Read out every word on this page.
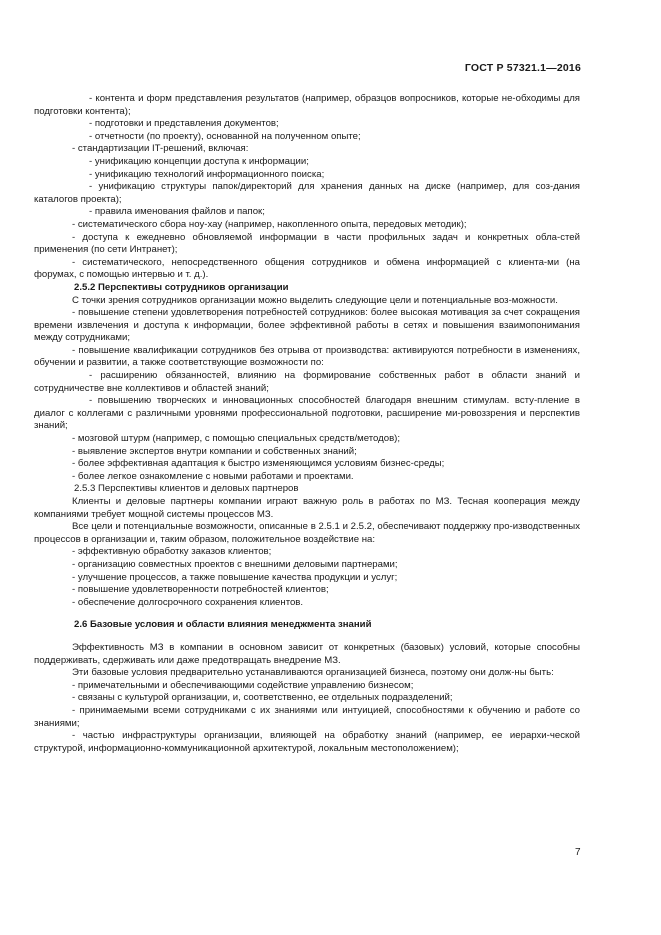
ГОСТ Р 57321.1—2016

- контента и форм представления результатов (например, образцов вопросников, которые не-обходимы для подготовки контента);

- подготовки и представления документов;

- отчетности (по проекту), основанной на полученном опыте;

- стандартизации IT-решений, включая:

- унификацию концепции доступа к информации;

- унификацию технологий информационного поиска;

- унификацию структуры папок/директорий для хранения данных на диске (например, для соз-дания каталогов проекта);

- правила именования файлов и папок;

- систематического сбора ноу-хау (например, накопленного опыта, передовых методик);

- доступа к ежедневно обновляемой информации в части профильных задач и конкретных обла-стей применения (по сети Интранет);

- систематического, непосредственного общения сотрудников и обмена информацией с клиента-ми (на форумах, с помощью интервью и т. д.).

2.5.2 Перспективы сотрудников организации

С точки зрения сотрудников организации можно выделить следующие цели и потенциальные воз-можности.

- повышение степени удовлетворения потребностей сотрудников: более высокая мотивация за счет сокращения времени извлечения и доступа к информации, более эффективной работы в сетях и повышения взаимопонимания между сотрудниками;

- повышение квалификации сотрудников без отрыва от производства: активируются потребности в изменениях, обучении и развитии, а также соответствующие возможности по:

- расширению обязанностей, влиянию на формирование собственных работ в области знаний и сотрудничестве вне коллективов и областей знаний;

- повышению творческих и инновационных способностей благодаря внешним стимулам. всту-пление в диалог с коллегами с различными уровнями профессиональной подготовки, расширение ми-ровоззрения и перспектив знаний;

- мозговой штурм (например, с помощью специальных средств/методов);

- выявление экспертов внутри компании и собственных знаний;

- более эффективная адаптация к быстро изменяющимся условиям бизнес-среды;

- более легкое ознакомление с новыми работами и проектами.

2.5.3 Перспективы клиентов и деловых партнеров

Клиенты и деловые партнеры компании играют важную роль в работах по МЗ. Тесная кооперация между компаниями требует мощной системы процессов МЗ.

Все цели и потенциальные возможности, описанные в 2.5.1 и 2.5.2, обеспечивают поддержку про-изводственных процессов в организации и, таким образом, положительное воздействие на:

- эффективную обработку заказов клиентов;

- организацию совместных проектов с внешними деловыми партнерами;

- улучшение процессов, а также повышение качества продукции и услуг;

- повышение удовлетворенности потребностей клиентов;

- обеспечение долгосрочного сохранения клиентов.

2.6 Базовые условия и области влияния менеджмента знаний

Эффективность МЗ в компании в основном зависит от конкретных (базовых) условий, которые способны поддерживать, сдерживать или даже предотвращать внедрение МЗ.

Эти базовые условия предварительно устанавливаются организацией бизнеса, поэтому они долж-ны быть:

- примечательными и обеспечивающими содействие управлению бизнесом;

- связаны с культурой организации, и, соответственно, ее отдельных подразделений;

- принимаемыми всеми сотрудниками с их знаниями или интуицией, способностями к обучению и работе со знаниями;

- частью инфраструктуры организации, влияющей на обработку знаний (например, ее иерархи-ческой структурой, информационно-коммуникационной архитектурой, локальным местоположением);

7
